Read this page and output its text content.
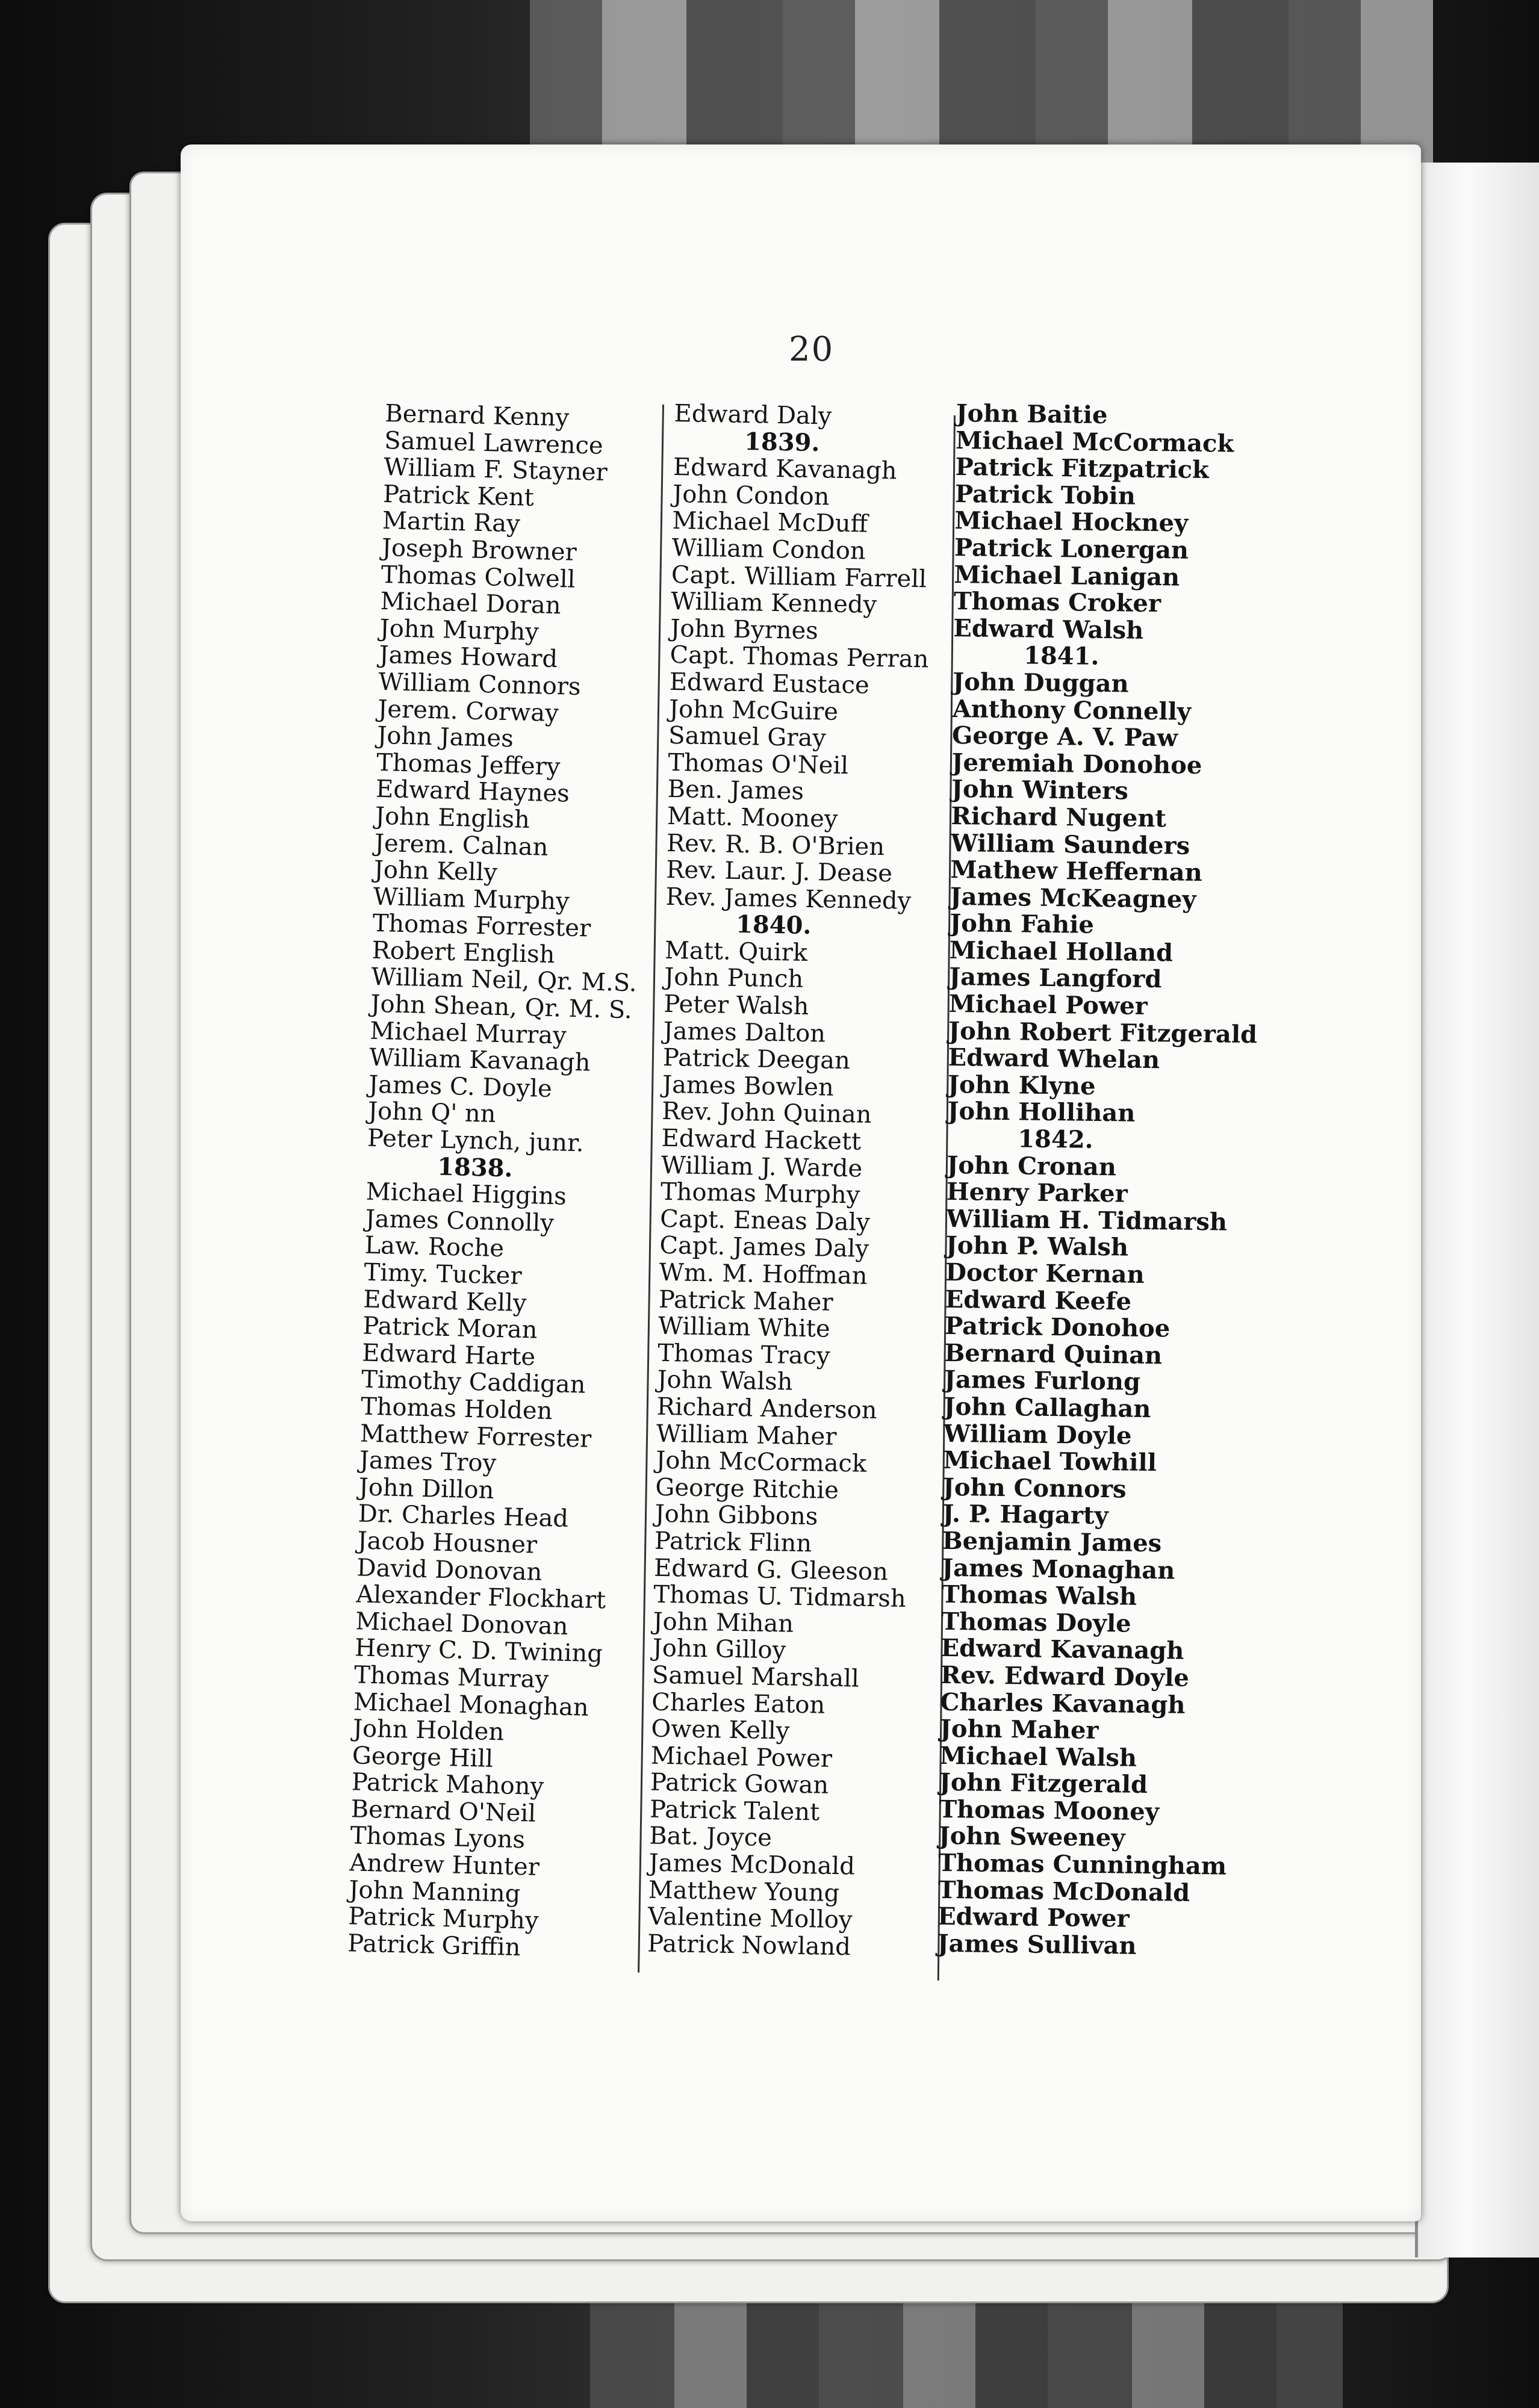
20
Bernard Kenny
Samuel Lawrence
William F. Stayner
Patrick Kent
Martin Ray
Joseph Browner
Thomas Colwell
Michael Doran
John Murphy
James Howard
William Connors
Jerem. Corway
John James
Thomas Jeffery
Edward Haynes
John English
Jerem. Calnan
John Kelly
William Murphy
Thomas Forrester
Robert English
William Neil, Qr. M.S.
John Shean, Qr. M. S.
Michael Murray
William Kavanagh
James C. Doyle
John Q' nn
Peter Lynch, junr.
1838.
Michael Higgins
James Connolly
Law. Roche
Timy. Tucker
Edward Kelly
Patrick Moran
Edward Harte
Timothy Caddigan
Thomas Holden
Matthew Forrester
James Troy
John Dillon
Dr. Charles Head
Jacob Housner
David Donovan
Alexander Flockhart
Michael Donovan
Henry C. D. Twining
Thomas Murray
Michael Monaghan
John Holden
George Hill
Patrick Mahony
Bernard O'Neil
Thomas Lyons
Andrew Hunter
John Manning
Patrick Murphy
Patrick Griffin
Edward Daly
1839.
Edward Kavanagh
John Condon
Michael McDuff
William Condon
Capt. William Farrell
William Kennedy
John Byrnes
Capt. Thomas Perran
Edward Eustace
John McGuire
Samuel Gray
Thomas O'Neil
Ben. James
Matt. Mooney
Rev. R. B. O'Brien
Rev. Laur. J. Dease
Rev. James Kennedy
1840.
Matt. Quirk
John Punch
Peter Walsh
James Dalton
Patrick Deegan
James Bowlen
Rev. John Quinan
Edward Hackett
William J. Warde
Thomas Murphy
Capt. Eneas Daly
Capt. James Daly
Wm. M. Hoffman
Patrick Maher
William White
Thomas Tracy
John Walsh
Richard Anderson
William Maher
John McCormack
George Ritchie
John Gibbons
Patrick Flinn
Edward G. Gleeson
Thomas U. Tidmarsh
John Mihan
John Gilloy
Samuel Marshall
Charles Eaton
Owen Kelly
Michael Power
Patrick Gowan
Patrick Talent
Bat. Joyce
James McDonald
Matthew Young
Valentine Molloy
Patrick Nowland
John Baitie
Michael McCormack
Patrick Fitzpatrick
Patrick Tobin
Michael Hockney
Patrick Lonergan
Michael Lanigan
Thomas Croker
Edward Walsh
1841.
John Duggan
Anthony Connelly
George A. V. Paw
Jeremiah Donohoe
John Winters
Richard Nugent
William Saunders
Mathew Heffernan
James McKeagney
John Fahie
Michael Holland
James Langford
Michael Power
John Robert Fitzgerald
Edward Whelan
John Klyne
John Hollihan
1842.
John Cronan
Henry Parker
William H. Tidmarsh
John P. Walsh
Doctor Kernan
Edward Keefe
Patrick Donohoe
Bernard Quinan
James Furlong
John Callaghan
William Doyle
Michael Towhill
John Connors
J. P. Hagarty
Benjamin James
James Monaghan
Thomas Walsh
Thomas Doyle
Edward Kavanagh
Rev. Edward Doyle
Charles Kavanagh
John Maher
Michael Walsh
John Fitzgerald
Thomas Mooney
John Sweeney
Thomas Cunningham
Thomas McDonald
Edward Power
James Sullivan
